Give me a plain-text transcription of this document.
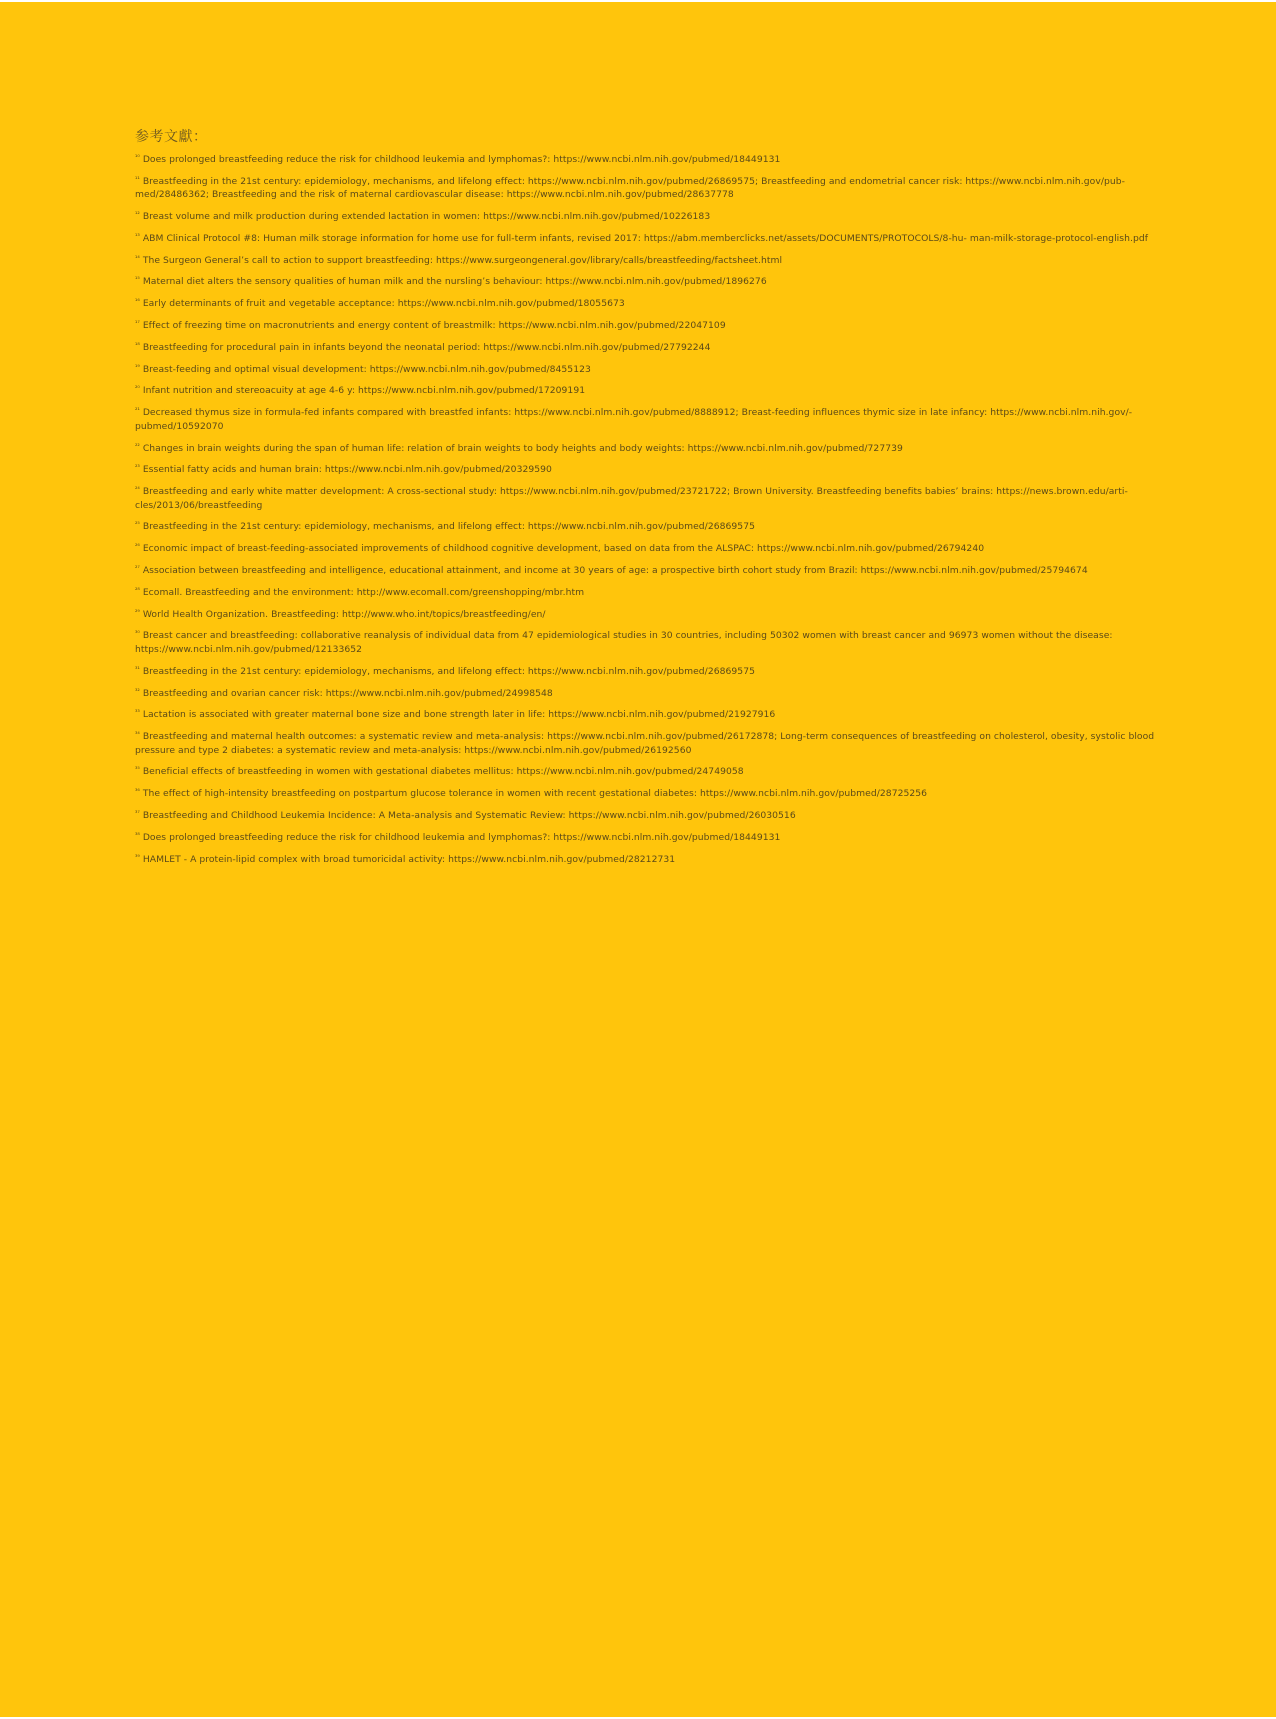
参考文獻：
$^{^{10}}$ Does prolonged breastfeeding reduce the risk for childhood leukemia and lymphomas?: https://www.ncbi.nlm.nih.gov/pubmed/18449131
$^{^{11}}$ Breastfeeding in the 21st century: epidemiology, mechanisms, and lifelong effect: https://www.ncbi.nlm.nih.gov/pubmed/26869575; Breastfeeding and endometrial cancer risk: https://www.ncbi.nlm.nih.gov/pub- med/28486362; Breastfeeding and the risk of maternal cardiovascular disease: https://www.ncbi.nlm.nih.gov/pubmed/28637778
$^{^{12}}$ Breast volume and milk production during extended lactation in women: https://www.ncbi.nlm.nih.gov/pubmed/10226183
$^{^{13}}$ ABM Clinical Protocol #8: Human milk storage information for home use for full-term infants, revised 2017: https://abm.memberclicks.net/assets/DOCUMENTS/PROTOCOLS/8-hu- man-milk-storage-protocol-english.pdf
$^{^{14}}$ The Surgeon General’s call to action to support breastfeeding: https://www.surgeongeneral.gov/library/calls/breastfeeding/factsheet.html
$^{^{15}}$ Maternal diet alters the sensory qualities of human milk and the nursling’s behaviour: https://www.ncbi.nlm.nih.gov/pubmed/1896276
$^{^{16}}$ Early determinants of fruit and vegetable acceptance: https://www.ncbi.nlm.nih.gov/pubmed/18055673
$^{^{17}}$ Effect of freezing time on macronutrients and energy content of breastmilk: https://www.ncbi.nlm.nih.gov/pubmed/22047109
$^{^{18}}$ Breastfeeding for procedural pain in infants beyond the neonatal period: https://www.ncbi.nlm.nih.gov/pubmed/27792244
$^{^{19}}$ Breast-feeding and optimal visual development: https://www.ncbi.nlm.nih.gov/pubmed/8455123
$^{^{20}}$ Infant nutrition and stereoacuity at age 4-6 y: https://www.ncbi.nlm.nih.gov/pubmed/17209191
$^{^{21}}$ Decreased thymus size in formula-fed infants compared with breastfed infants: https://www.ncbi.nlm.nih.gov/pubmed/8888912; Breast-feeding influences thymic size in late infancy: https://www.ncbi.nlm.nih.gov/- pubmed/10592070
$^{^{22}}$ Changes in brain weights during the span of human life: relation of brain weights to body heights and body weights: https://www.ncbi.nlm.nih.gov/pubmed/727739
$^{^{23}}$ Essential fatty acids and human brain: https://www.ncbi.nlm.nih.gov/pubmed/20329590
$^{^{24}}$ Breastfeeding and early white matter development: A cross-sectional study: https://www.ncbi.nlm.nih.gov/pubmed/23721722; Brown University. Breastfeeding benefits babies’ brains: https://news.brown.edu/arti- cles/2013/06/breastfeeding
$^{^{25}}$ Breastfeeding in the 21st century: epidemiology, mechanisms, and lifelong effect: https://www.ncbi.nlm.nih.gov/pubmed/26869575
$^{^{26}}$ Economic impact of breast-feeding-associated improvements of childhood cognitive development, based on data from the ALSPAC: https://www.ncbi.nlm.nih.gov/pubmed/26794240
$^{^{27}}$ Association between breastfeeding and intelligence, educational attainment, and income at 30 years of age: a prospective birth cohort study from Brazil: https://www.ncbi.nlm.nih.gov/pubmed/25794674
$^{^{28}}$ Ecomall. Breastfeeding and the environment: http://www.ecomall.com/greenshopping/mbr.htm
$^{^{29}}$ World Health Organization. Breastfeeding: http://www.who.int/topics/breastfeeding/en/
$^{^{30}}$ Breast cancer and breastfeeding: collaborative reanalysis of individual data from 47 epidemiological studies in 30 countries, including 50302 women with breast cancer and 96973 women without the disease: https://www.ncbi.nlm.nih.gov/pubmed/12133652
$^{^{31}}$ Breastfeeding in the 21st century: epidemiology, mechanisms, and lifelong effect: https://www.ncbi.nlm.nih.gov/pubmed/26869575
$^{^{32}}$ Breastfeeding and ovarian cancer risk: https://www.ncbi.nlm.nih.gov/pubmed/24998548
$^{^{33}}$ Lactation is associated with greater maternal bone size and bone strength later in life: https://www.ncbi.nlm.nih.gov/pubmed/21927916
$^{^{34}}$ Breastfeeding and maternal health outcomes: a systematic review and meta-analysis: https://www.ncbi.nlm.nih.gov/pubmed/26172878; Long-term consequences of breastfeeding on cholesterol, obesity, systolic blood pressure and type 2 diabetes: a systematic review and meta-analysis: https://www.ncbi.nlm.nih.gov/pubmed/26192560
$^{^{35}}$ Beneficial effects of breastfeeding in women with gestational diabetes mellitus: https://www.ncbi.nlm.nih.gov/pubmed/24749058
$^{^{36}}$ The effect of high-intensity breastfeeding on postpartum glucose tolerance in women with recent gestational diabetes: https://www.ncbi.nlm.nih.gov/pubmed/28725256
$^{^{37}}$ Breastfeeding and Childhood Leukemia Incidence: A Meta-analysis and Systematic Review: https://www.ncbi.nlm.nih.gov/pubmed/26030516
$^{^{38}}$ Does prolonged breastfeeding reduce the risk for childhood leukemia and lymphomas?: https://www.ncbi.nlm.nih.gov/pubmed/18449131
$^{^{39}}$ HAMLET - A protein-lipid complex with broad tumoricidal activity: https://www.ncbi.nlm.nih.gov/pubmed/28212731
